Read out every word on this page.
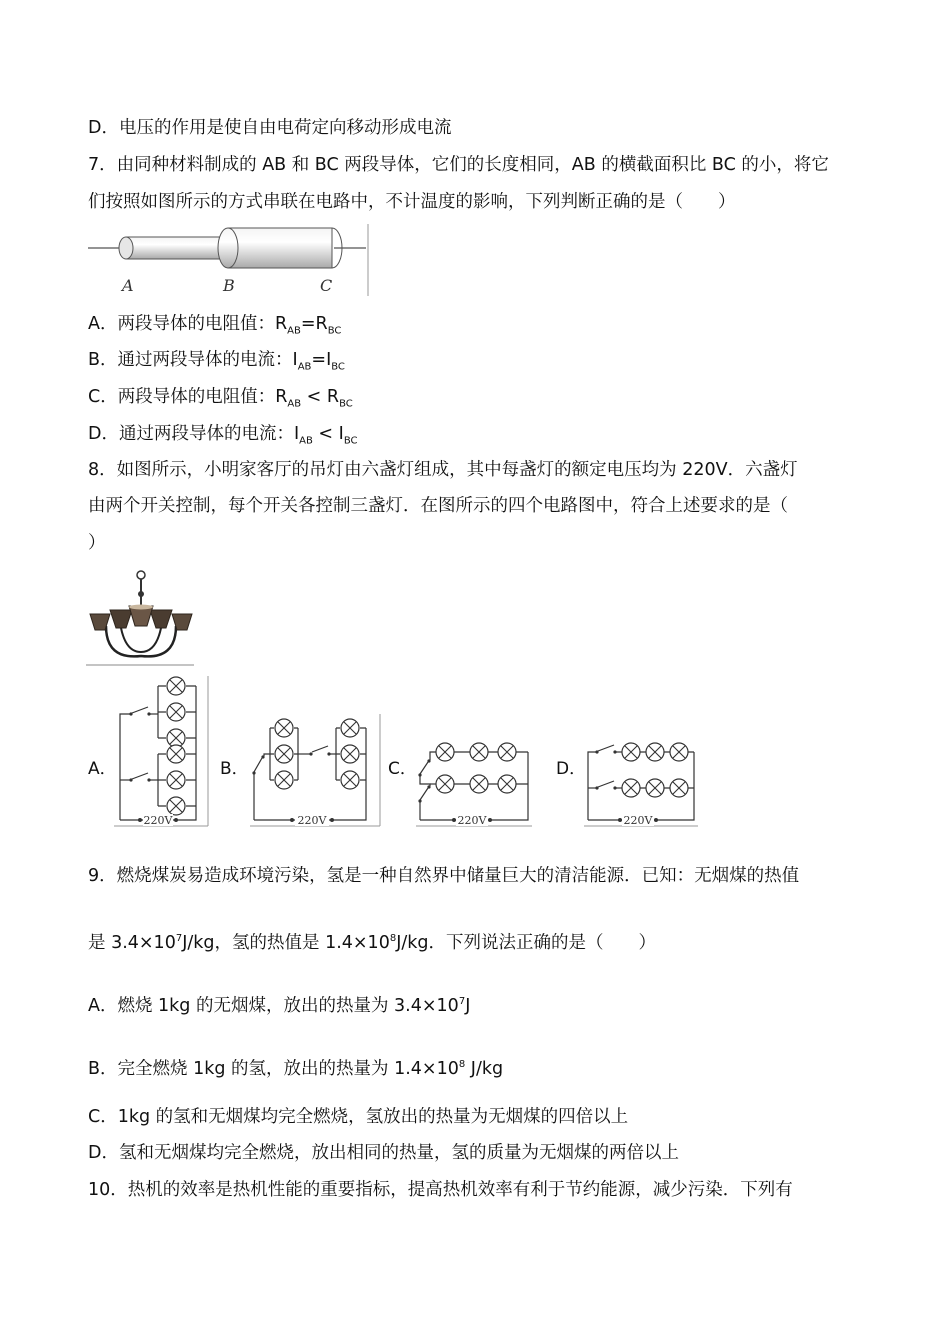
D．电压的作用是使自由电荷定向移动形成电流
7．由同种材料制成的 AB 和 BC 两段导体，它们的长度相同，AB 的横截面积比 BC 的小，将它
们按照如图所示的方式串联在电路中，不计温度的影响，下列判断正确的是（　　）
A	B	C
A．两段导体的电阻值：$R_{AB}=R_{BC}$
B．通过两段导体的电流：$I_{AB}=I_{BC}$
C．两段导体的电阻值：$R_{AB} < R_{BC}$
D．通过两段导体的电流：$I_{AB} < I_{BC}$
8．如图所示，小明家客厅的吊灯由六盏灯组成，其中每盏灯的额定电压均为 220V．六盏灯
由两个开关控制，每个开关各控制三盏灯．在图所示的四个电路图中，符合上述要求的是（
）
A．	B．	C．	D．
220V	220V	220V	220V
9．燃烧煤炭易造成环境污染，氢是一种自然界中储量巨大的清洁能源．已知：无烟煤的热值
是 $3.4\times 10^7J/kg$，氢的热值是 $1.4\times 10^8J/kg$．下列说法正确的是（　　）
A．燃烧 1kg 的无烟煤，放出的热量为 $3.4\times 10^7J$
B．完全燃烧 1kg 的氢，放出的热量为 $1.4\times 10^8$ J/kg
C．1kg 的氢和无烟煤均完全燃烧，氢放出的热量为无烟煤的四倍以上
D．氢和无烟煤均完全燃烧，放出相同的热量，氢的质量为无烟煤的两倍以上
10．热机的效率是热机性能的重要指标，提高热机效率有利于节约能源，减少污染．下列有
